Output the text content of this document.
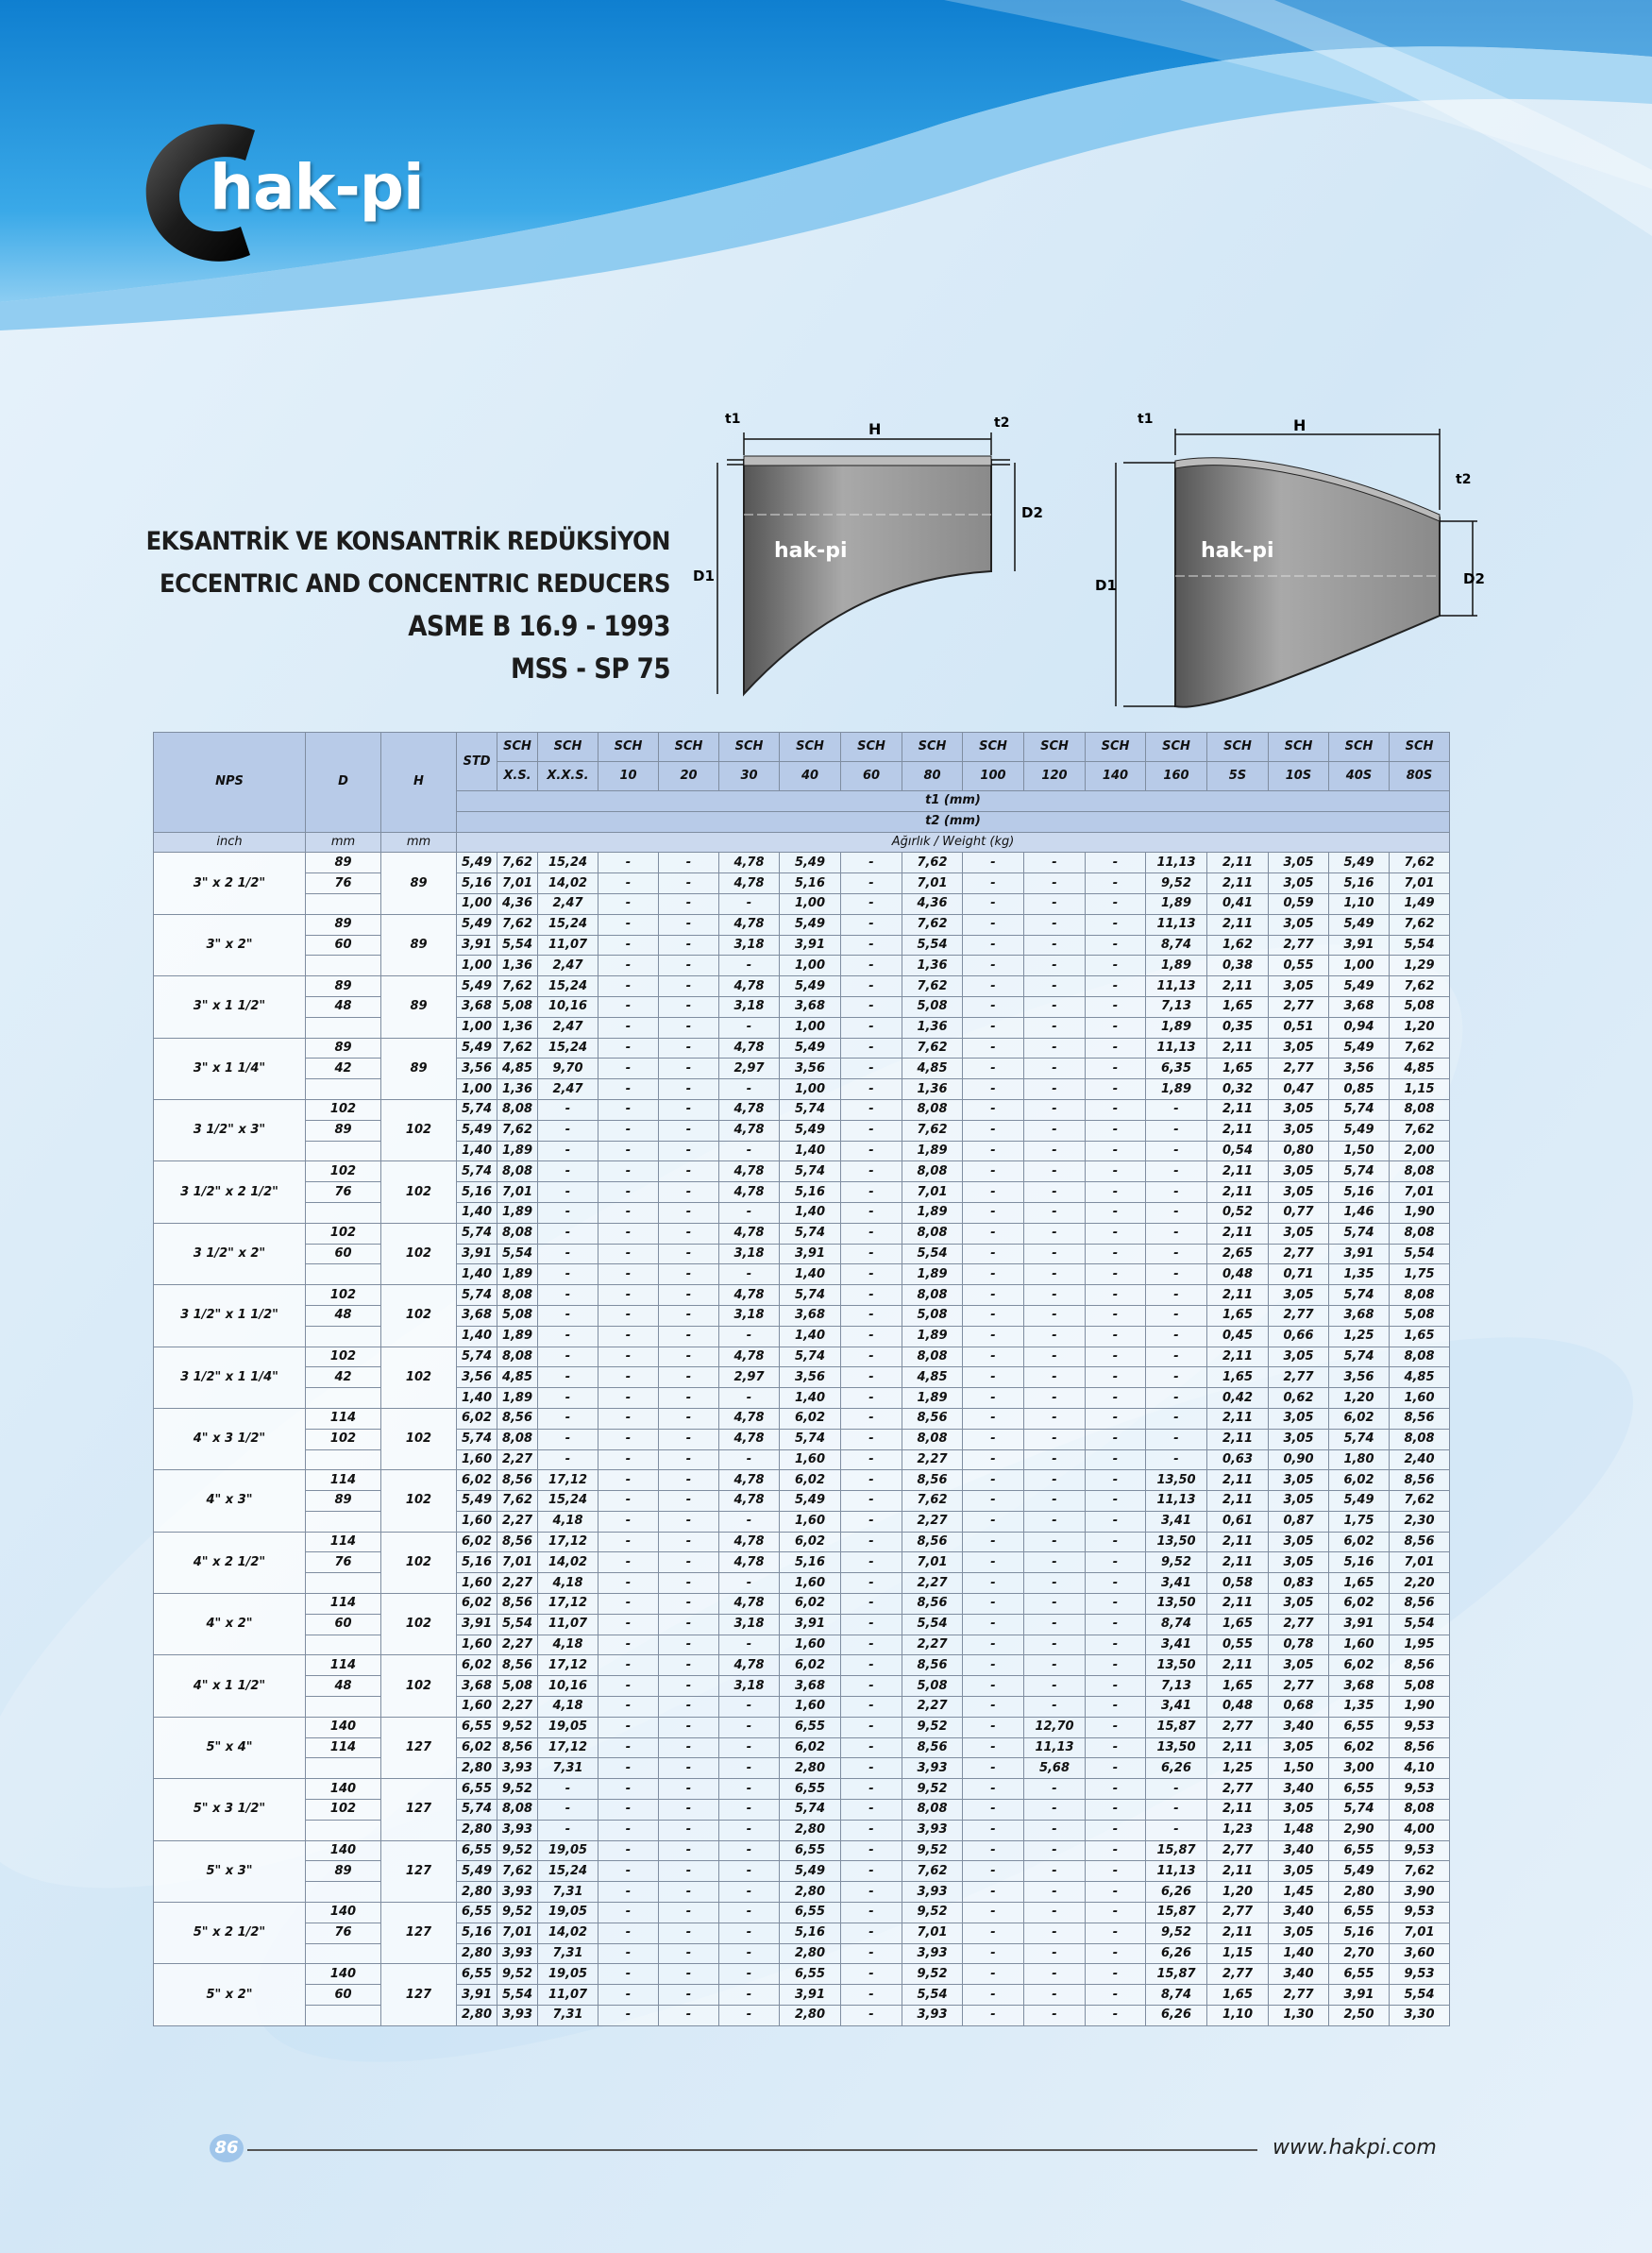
hak-pi
EKSANTRİK VE KONSANTRİK REDÜKSİYON
ECCENTRIC AND CONCENTRIC REDUCERS
ASME B 16.9 - 1993
MSS - SP 75
H
t1	t2
D1
D2
hak-pi
H
t1
t2
D1	D2
hak-pi
NPS	D	H	STD	SCH	SCH	SCH	SCH	SCH	SCH	SCH	SCH	SCH	SCH	SCH	SCH	SCH	SCH	SCH	SCH
				X.S.	X.X.S.	10	20	30	40	60	80	100	120	140	160	5S	10S	40S	80S
			t1 (mm)																
			t2 (mm)																
inch	mm	mm	Ağırlık / Weight (kg)																
3" x 2 1/2"	89	89	5,49	7,62	15,24	-	-	4,78	5,49	-	7,62	-	-	-	11,13	2,11	3,05	5,49	7,62
	76		5,16	7,01	14,02	-	-	4,78	5,16	-	7,01	-	-	-	9,52	2,11	3,05	5,16	7,01
			1,00	4,36	2,47	-	-	-	1,00	-	4,36	-	-	-	1,89	0,41	0,59	1,10	1,49
3" x 2"	89	89	5,49	7,62	15,24	-	-	4,78	5,49	-	7,62	-	-	-	11,13	2,11	3,05	5,49	7,62
	60		3,91	5,54	11,07	-	-	3,18	3,91	-	5,54	-	-	-	8,74	1,62	2,77	3,91	5,54
			1,00	1,36	2,47	-	-	-	1,00	-	1,36	-	-	-	1,89	0,38	0,55	1,00	1,29
3" x 1 1/2"	89	89	5,49	7,62	15,24	-	-	4,78	5,49	-	7,62	-	-	-	11,13	2,11	3,05	5,49	7,62
	48		3,68	5,08	10,16	-	-	3,18	3,68	-	5,08	-	-	-	7,13	1,65	2,77	3,68	5,08
			1,00	1,36	2,47	-	-	-	1,00	-	1,36	-	-	-	1,89	0,35	0,51	0,94	1,20
3" x 1 1/4"	89	89	5,49	7,62	15,24	-	-	4,78	5,49	-	7,62	-	-	-	11,13	2,11	3,05	5,49	7,62
	42		3,56	4,85	9,70	-	-	2,97	3,56	-	4,85	-	-	-	6,35	1,65	2,77	3,56	4,85
			1,00	1,36	2,47	-	-	-	1,00	-	1,36	-	-	-	1,89	0,32	0,47	0,85	1,15
3 1/2" x 3"	102	102	5,74	8,08	-	-	-	4,78	5,74	-	8,08	-	-	-	-	2,11	3,05	5,74	8,08
	89		5,49	7,62	-	-	-	4,78	5,49	-	7,62	-	-	-	-	2,11	3,05	5,49	7,62
			1,40	1,89	-	-	-	-	1,40	-	1,89	-	-	-	-	0,54	0,80	1,50	2,00
3 1/2" x 2 1/2"	102	102	5,74	8,08	-	-	-	4,78	5,74	-	8,08	-	-	-	-	2,11	3,05	5,74	8,08
	76		5,16	7,01	-	-	-	4,78	5,16	-	7,01	-	-	-	-	2,11	3,05	5,16	7,01
			1,40	1,89	-	-	-	-	1,40	-	1,89	-	-	-	-	0,52	0,77	1,46	1,90
3 1/2" x 2"	102	102	5,74	8,08	-	-	-	4,78	5,74	-	8,08	-	-	-	-	2,11	3,05	5,74	8,08
	60		3,91	5,54	-	-	-	3,18	3,91	-	5,54	-	-	-	-	2,65	2,77	3,91	5,54
			1,40	1,89	-	-	-	-	1,40	-	1,89	-	-	-	-	0,48	0,71	1,35	1,75
3 1/2" x 1 1/2"	102	102	5,74	8,08	-	-	-	4,78	5,74	-	8,08	-	-	-	-	2,11	3,05	5,74	8,08
	48		3,68	5,08	-	-	-	3,18	3,68	-	5,08	-	-	-	-	1,65	2,77	3,68	5,08
			1,40	1,89	-	-	-	-	1,40	-	1,89	-	-	-	-	0,45	0,66	1,25	1,65
3 1/2" x 1 1/4"	102	102	5,74	8,08	-	-	-	4,78	5,74	-	8,08	-	-	-	-	2,11	3,05	5,74	8,08
	42		3,56	4,85	-	-	-	2,97	3,56	-	4,85	-	-	-	-	1,65	2,77	3,56	4,85
			1,40	1,89	-	-	-	-	1,40	-	1,89	-	-	-	-	0,42	0,62	1,20	1,60
4" x 3 1/2"	114	102	6,02	8,56	-	-	-	4,78	6,02	-	8,56	-	-	-	-	2,11	3,05	6,02	8,56
	102		5,74	8,08	-	-	-	4,78	5,74	-	8,08	-	-	-	-	2,11	3,05	5,74	8,08
			1,60	2,27	-	-	-	-	1,60	-	2,27	-	-	-	-	0,63	0,90	1,80	2,40
4" x 3"	114	102	6,02	8,56	17,12	-	-	4,78	6,02	-	8,56	-	-	-	13,50	2,11	3,05	6,02	8,56
	89		5,49	7,62	15,24	-	-	4,78	5,49	-	7,62	-	-	-	11,13	2,11	3,05	5,49	7,62
			1,60	2,27	4,18	-	-	-	1,60	-	2,27	-	-	-	3,41	0,61	0,87	1,75	2,30
4" x 2 1/2"	114	102	6,02	8,56	17,12	-	-	4,78	6,02	-	8,56	-	-	-	13,50	2,11	3,05	6,02	8,56
	76		5,16	7,01	14,02	-	-	4,78	5,16	-	7,01	-	-	-	9,52	2,11	3,05	5,16	7,01
			1,60	2,27	4,18	-	-	-	1,60	-	2,27	-	-	-	3,41	0,58	0,83	1,65	2,20
4" x 2"	114	102	6,02	8,56	17,12	-	-	4,78	6,02	-	8,56	-	-	-	13,50	2,11	3,05	6,02	8,56
	60		3,91	5,54	11,07	-	-	3,18	3,91	-	5,54	-	-	-	8,74	1,65	2,77	3,91	5,54
			1,60	2,27	4,18	-	-	-	1,60	-	2,27	-	-	-	3,41	0,55	0,78	1,60	1,95
4" x 1 1/2"	114	102	6,02	8,56	17,12	-	-	4,78	6,02	-	8,56	-	-	-	13,50	2,11	3,05	6,02	8,56
	48		3,68	5,08	10,16	-	-	3,18	3,68	-	5,08	-	-	-	7,13	1,65	2,77	3,68	5,08
			1,60	2,27	4,18	-	-	-	1,60	-	2,27	-	-	-	3,41	0,48	0,68	1,35	1,90
5" x 4"	140	127	6,55	9,52	19,05	-	-	-	6,55	-	9,52	-	12,70	-	15,87	2,77	3,40	6,55	9,53
	114		6,02	8,56	17,12	-	-	-	6,02	-	8,56	-	11,13	-	13,50	2,11	3,05	6,02	8,56
			2,80	3,93	7,31	-	-	-	2,80	-	3,93	-	5,68	-	6,26	1,25	1,50	3,00	4,10
5" x 3 1/2"	140	127	6,55	9,52	-	-	-	-	6,55	-	9,52	-	-	-	-	2,77	3,40	6,55	9,53
	102		5,74	8,08	-	-	-	-	5,74	-	8,08	-	-	-	-	2,11	3,05	5,74	8,08
			2,80	3,93	-	-	-	-	2,80	-	3,93	-	-	-	-	1,23	1,48	2,90	4,00
5" x 3"	140	127	6,55	9,52	19,05	-	-	-	6,55	-	9,52	-	-	-	15,87	2,77	3,40	6,55	9,53
	89		5,49	7,62	15,24	-	-	-	5,49	-	7,62	-	-	-	11,13	2,11	3,05	5,49	7,62
			2,80	3,93	7,31	-	-	-	2,80	-	3,93	-	-	-	6,26	1,20	1,45	2,80	3,90
5" x 2 1/2"	140	127	6,55	9,52	19,05	-	-	-	6,55	-	9,52	-	-	-	15,87	2,77	3,40	6,55	9,53
	76		5,16	7,01	14,02	-	-	-	5,16	-	7,01	-	-	-	9,52	2,11	3,05	5,16	7,01
			2,80	3,93	7,31	-	-	-	2,80	-	3,93	-	-	-	6,26	1,15	1,40	2,70	3,60
5" x 2"	140	127	6,55	9,52	19,05	-	-	-	6,55	-	9,52	-	-	-	15,87	2,77	3,40	6,55	9,53
	60		3,91	5,54	11,07	-	-	-	3,91	-	5,54	-	-	-	8,74	1,65	2,77	3,91	5,54
			2,80	3,93	7,31	-	-	-	2,80	-	3,93	-	-	-	6,26	1,10	1,30	2,50	3,30
86	www.hakpi.com
